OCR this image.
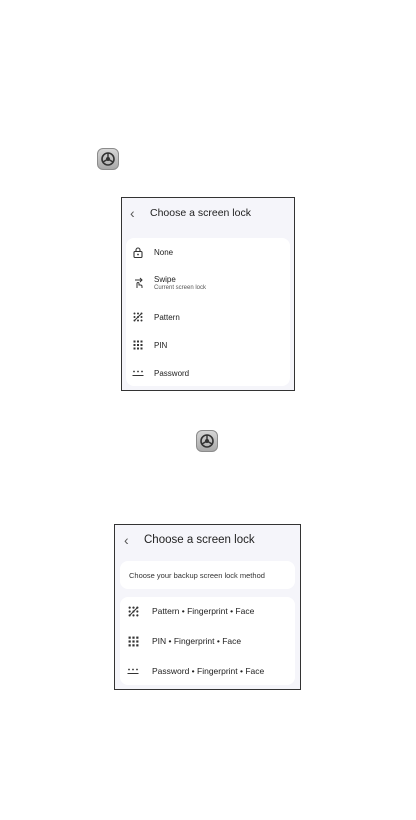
‹	Choose a screen lock
None
Swipe
Current screen lock
Pattern
PIN
Password
‹	Choose a screen lock
Choose your backup screen lock method
Pattern • Fingerprint • Face
PIN • Fingerprint • Face
Password • Fingerprint • Face
